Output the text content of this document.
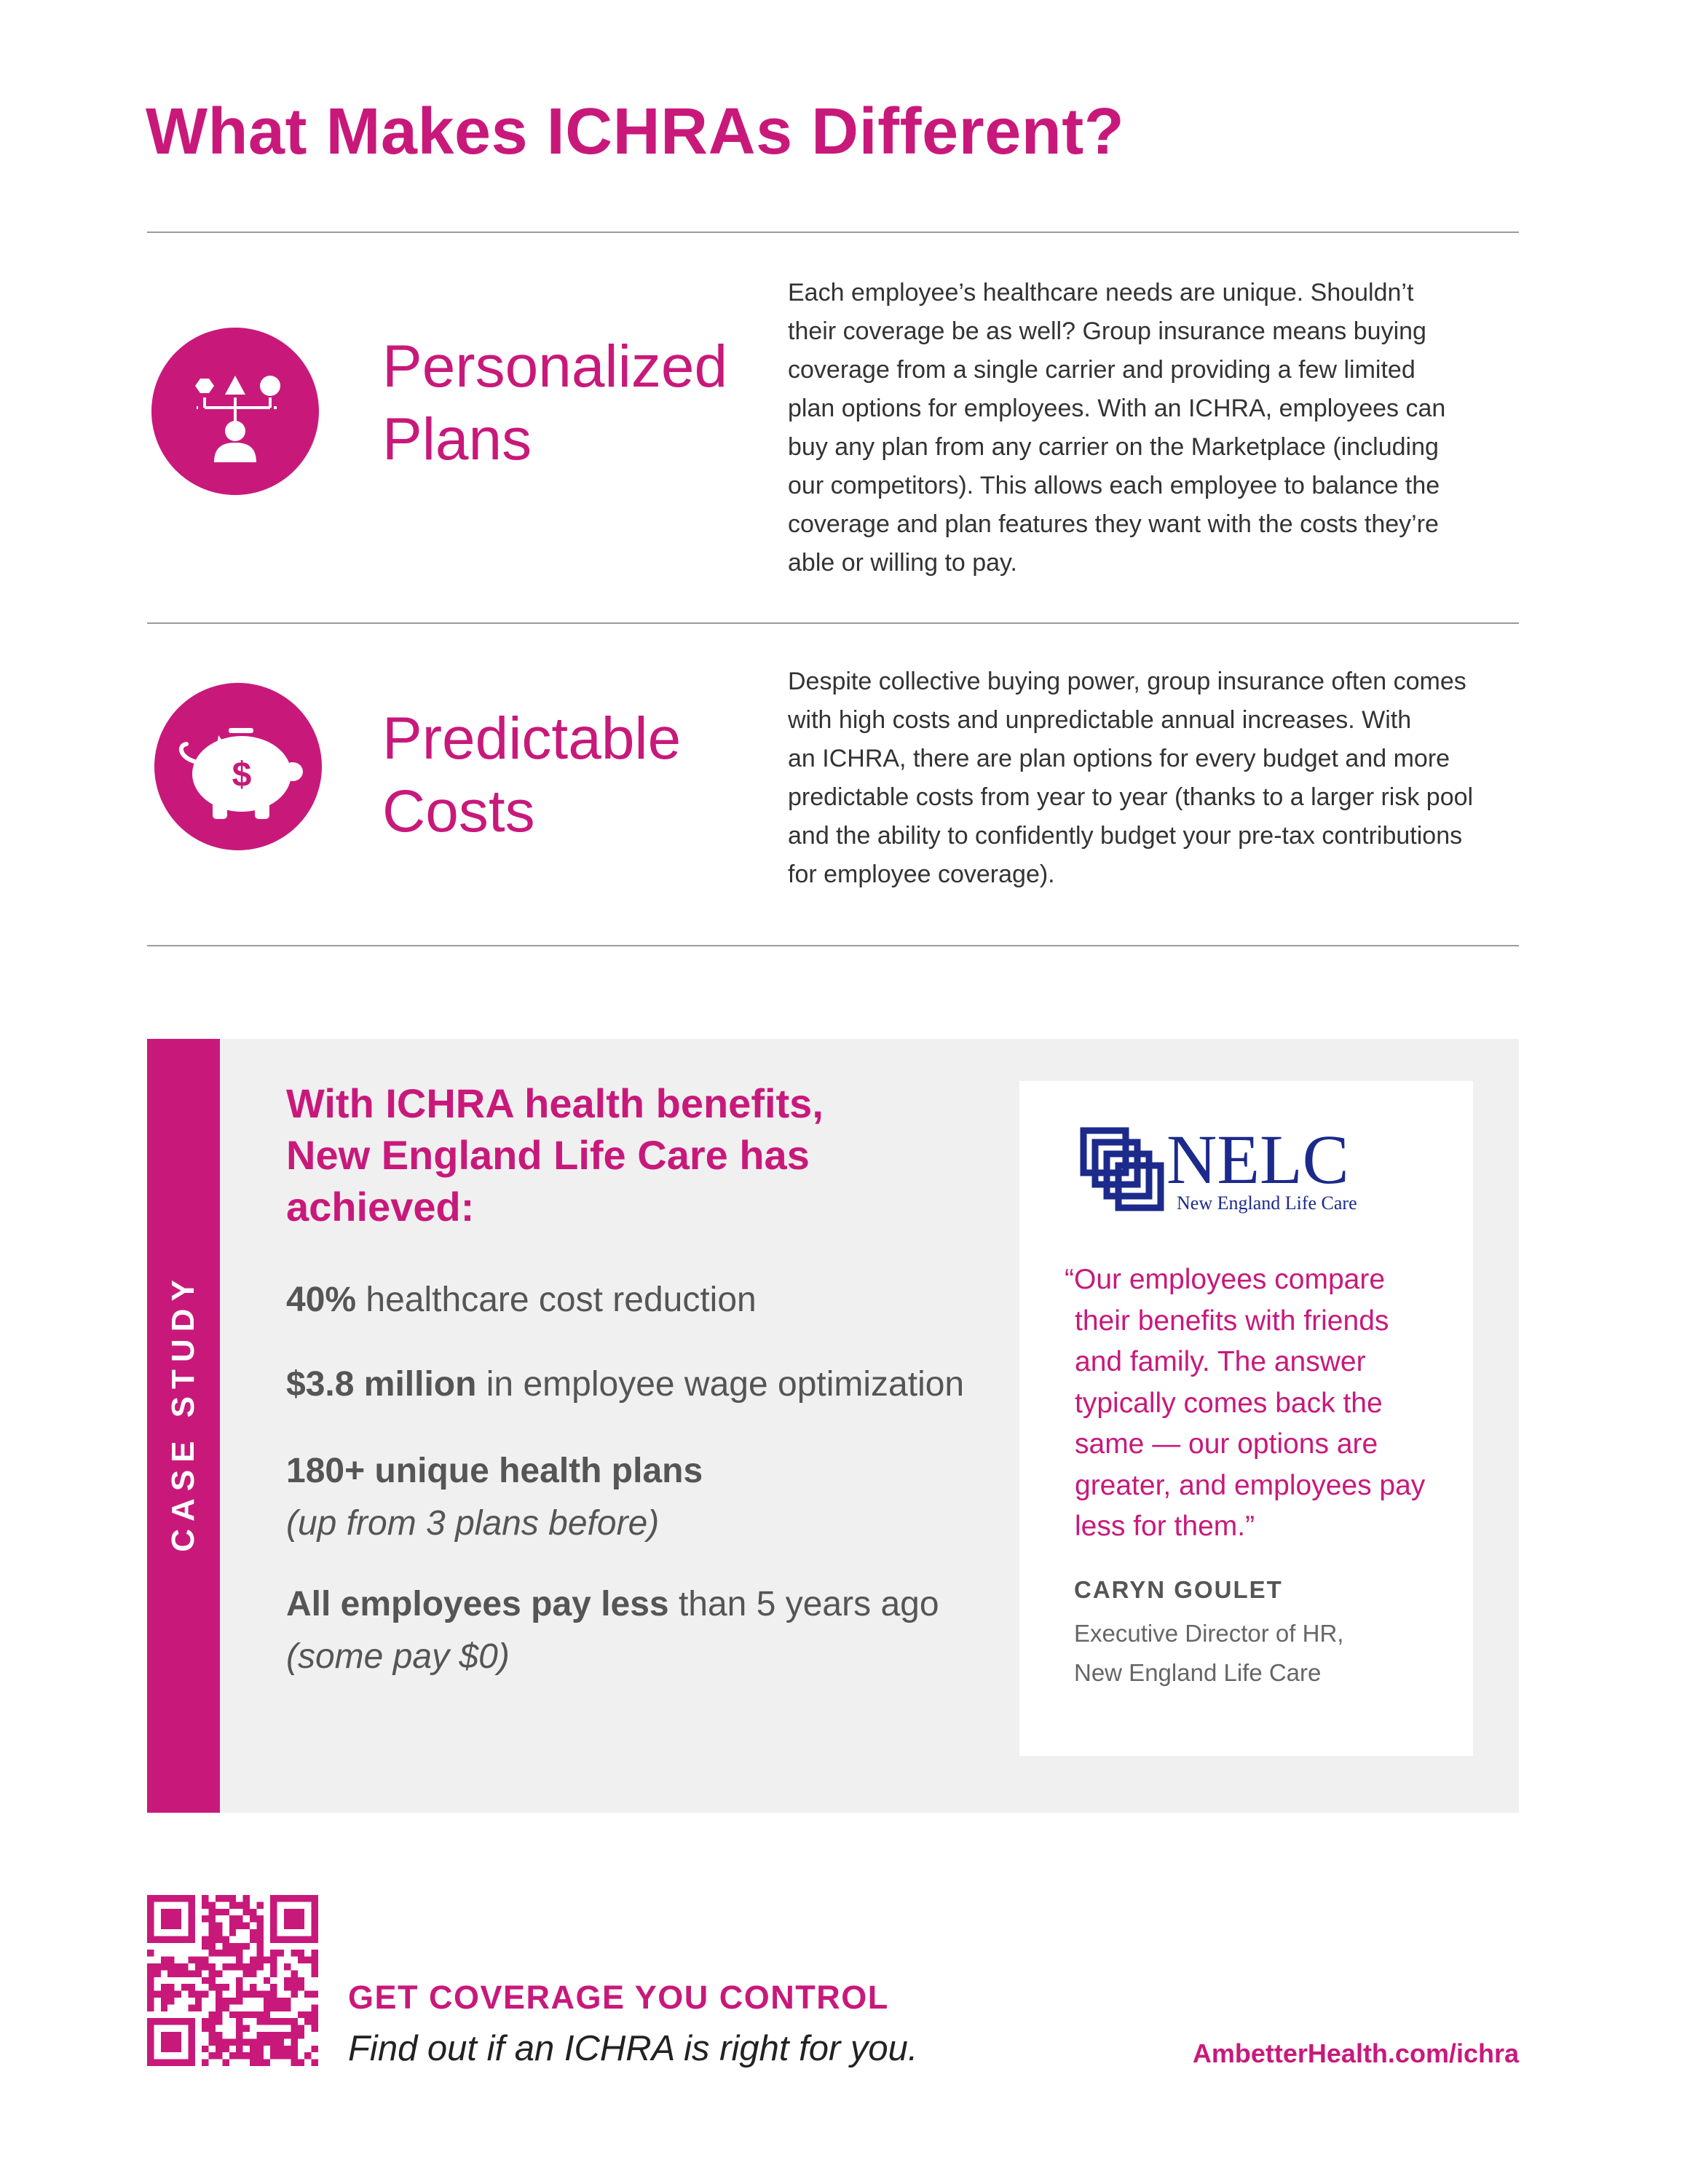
What Makes ICHRAs Different?
Personalized
Plans
Each employee’s healthcare needs are unique. Shouldn’t
their coverage be as well? Group insurance means buying
coverage from a single carrier and providing a few limited
plan options for employees. With an ICHRA, employees can
buy any plan from any carrier on the Marketplace (including
our competitors). This allows each employee to balance the
coverage and plan features they want with the costs they’re
able or willing to pay.
$
Predictable
Costs
Despite collective buying power, group insurance often comes
with high costs and unpredictable annual increases. With
an ICHRA, there are plan options for every budget and more
predictable costs from year to year (thanks to a larger risk pool
and the ability to confidently budget your pre-tax contributions
for employee coverage).
CASE STUDY
With ICHRA health benefits,
New England Life Care has
achieved:

40% healthcare cost reduction

$3.8 million in employee wage optimization

180+ unique health plans
(up from 3 plans before)

All employees pay less than 5 years ago
(some pay $0)

NELC
New England Life Care
“Our employees compare
their benefits with friends
and family. The answer
typically comes back the
same — our options are
greater, and employees pay
less for them.”

CARYN GOULET

Executive Director of HR,
New England Life Care

GET COVERAGE YOU CONTROL

Find out if an ICHRA is right for you.	AmbetterHealth.com/ichra
